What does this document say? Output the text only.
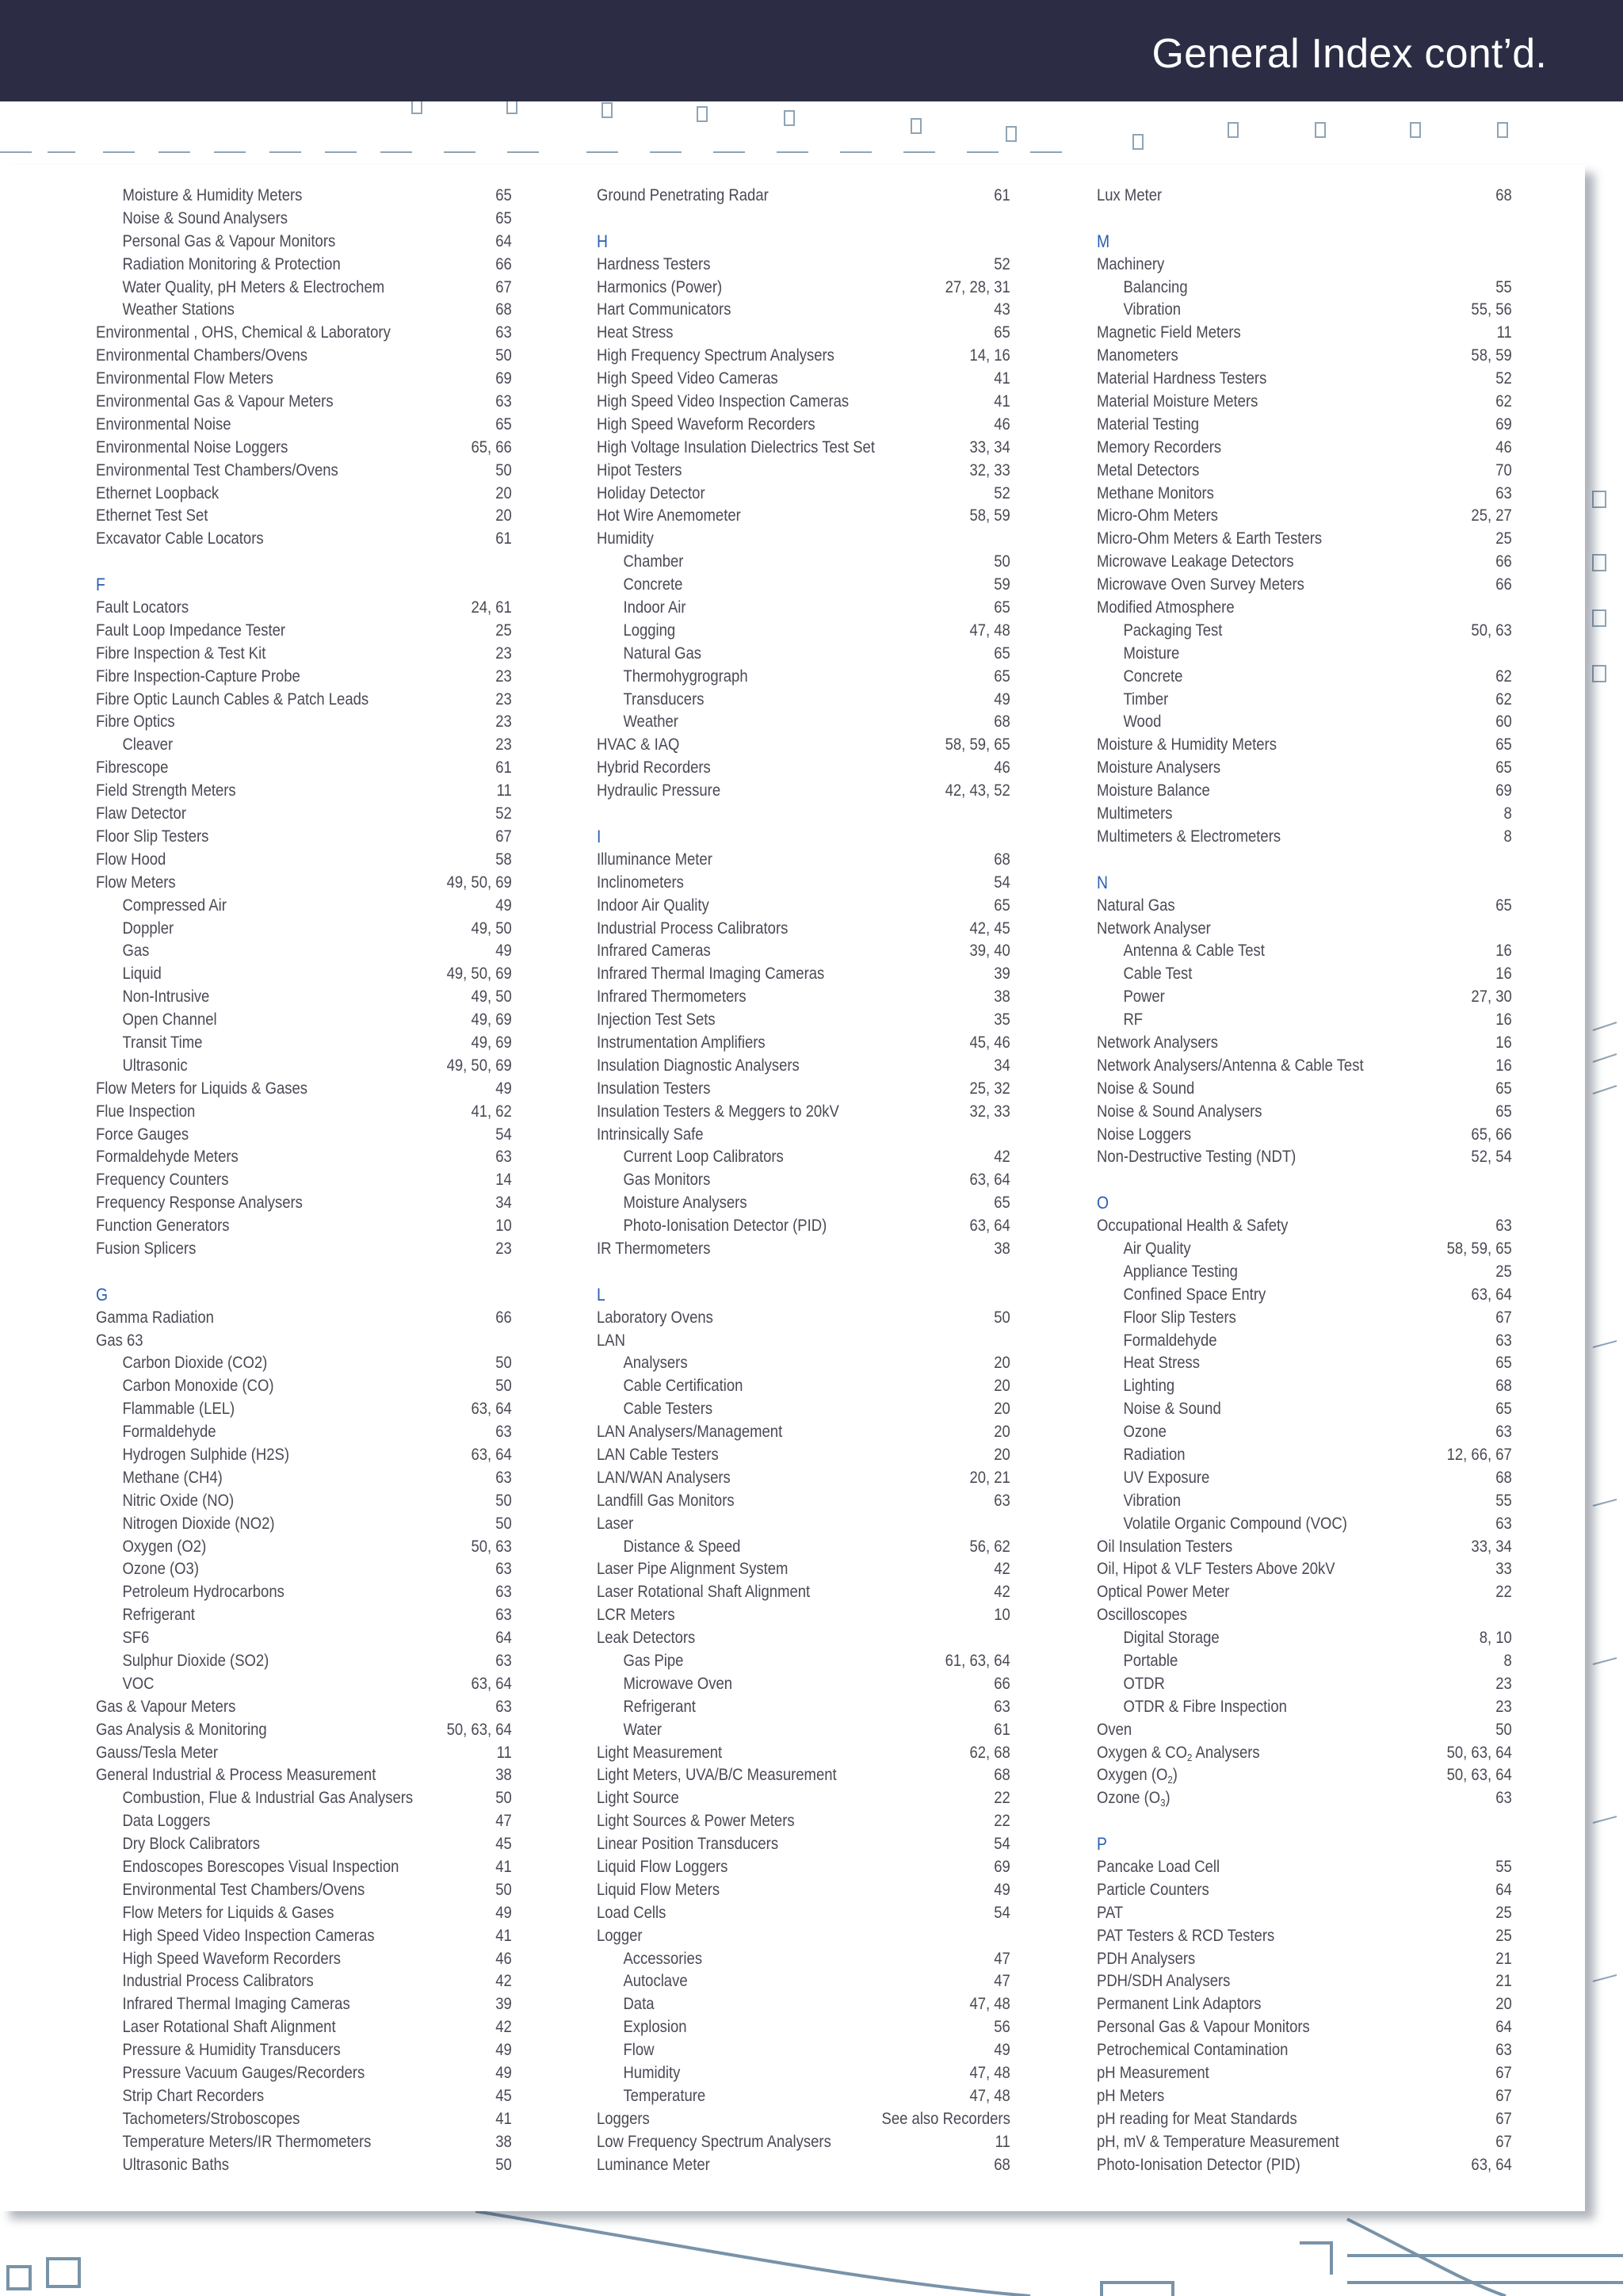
General Index cont’d.
Moisture & Humidity Meters	65
Noise & Sound Analysers	65
Personal Gas & Vapour Monitors	64
Radiation Monitoring & Protection	66
Water Quality, pH Meters & Electrochem	67
Weather Stations	68
Environmental , OHS, Chemical & Laboratory	63
Environmental Chambers/Ovens	50
Environmental Flow Meters	69
Environmental Gas & Vapour Meters	63
Environmental Noise	65
Environmental Noise Loggers	65, 66
Environmental Test Chambers/Ovens	50
Ethernet Loopback	20
Ethernet Test Set	20
Excavator Cable Locators	61
F
Fault Locators	24, 61
Fault Loop Impedance Tester	25
Fibre Inspection & Test Kit	23
Fibre Inspection-Capture Probe	23
Fibre Optic Launch Cables & Patch Leads	23
Fibre Optics	23
Cleaver	23
Fibrescope	61
Field Strength Meters	11
Flaw Detector	52
Floor Slip Testers	67
Flow Hood	58
Flow Meters	49, 50, 69
Compressed Air	49
Doppler	49, 50
Gas	49
Liquid	49, 50, 69
Non-Intrusive	49, 50
Open Channel	49, 69
Transit Time	49, 69
Ultrasonic	49, 50, 69
Flow Meters for Liquids & Gases	49
Flue Inspection	41, 62
Force Gauges	54
Formaldehyde Meters	63
Frequency Counters	14
Frequency Response Analysers	34
Function Generators	10
Fusion Splicers	23
G
Gamma Radiation	66
Gas 63
Carbon Dioxide (CO2)	50
Carbon Monoxide (CO)	50
Flammable (LEL)	63, 64
Formaldehyde	63
Hydrogen Sulphide (H2S)	63, 64
Methane (CH4)	63
Nitric Oxide (NO)	50
Nitrogen Dioxide (NO2)	50
Oxygen (O2)	50, 63
Ozone (O3)	63
Petroleum Hydrocarbons	63
Refrigerant	63
SF6	64
Sulphur Dioxide (SO2)	63
VOC	63, 64
Gas & Vapour Meters	63
Gas Analysis & Monitoring	50, 63, 64
Gauss/Tesla Meter	11
General Industrial & Process Measurement	38
Combustion, Flue & Industrial Gas Analysers	50
Data Loggers	47
Dry Block Calibrators	45
Endoscopes Borescopes Visual Inspection	41
Environmental Test Chambers/Ovens	50
Flow Meters for Liquids & Gases	49
High Speed Video Inspection Cameras	41
High Speed Waveform Recorders	46
Industrial Process Calibrators	42
Infrared Thermal Imaging Cameras	39
Laser Rotational Shaft Alignment	42
Pressure & Humidity Transducers	49
Pressure Vacuum Gauges/Recorders	49
Strip Chart Recorders	45
Tachometers/Stroboscopes	41
Temperature Meters/IR Thermometers	38
Ultrasonic Baths	50
Ground Penetrating Radar	61
H
Hardness Testers	52
Harmonics (Power)	27, 28, 31
Hart Communicators	43
Heat Stress	65
High Frequency Spectrum Analysers	14, 16
High Speed Video Cameras	41
High Speed Video Inspection Cameras	41
High Speed Waveform Recorders	46
High Voltage Insulation Dielectrics Test Set	33, 34
Hipot Testers	32, 33
Holiday Detector	52
Hot Wire Anemometer	58, 59
Humidity
Chamber	50
Concrete	59
Indoor Air	65
Logging	47, 48
Natural Gas	65
Thermohygrograph	65
Transducers	49
Weather	68
HVAC & IAQ	58, 59, 65
Hybrid Recorders	46
Hydraulic Pressure	42, 43, 52
I
Illuminance Meter	68
Inclinometers	54
Indoor Air Quality	65
Industrial Process Calibrators	42, 45
Infrared Cameras	39, 40
Infrared Thermal Imaging Cameras	39
Infrared Thermometers	38
Injection Test Sets	35
Instrumentation Amplifiers	45, 46
Insulation Diagnostic Analysers	34
Insulation Testers	25, 32
Insulation Testers & Meggers to 20kV	32, 33
Intrinsically Safe
Current Loop Calibrators	42
Gas Monitors	63, 64
Moisture Analysers	65
Photo-Ionisation Detector (PID)	63, 64
IR Thermometers	38
L
Laboratory Ovens	50
LAN
Analysers	20
Cable Certification	20
Cable Testers	20
LAN Analysers/Management	20
LAN Cable Testers	20
LAN/WAN Analysers	20, 21
Landfill Gas Monitors	63
Laser
Distance & Speed	56, 62
Laser Pipe Alignment System	42
Laser Rotational Shaft Alignment	42
LCR Meters	10
Leak Detectors
Gas Pipe	61, 63, 64
Microwave Oven	66
Refrigerant	63
Water	61
Light Measurement	62, 68
Light Meters, UVA/B/C Measurement	68
Light Source	22
Light Sources & Power Meters	22
Linear Position Transducers	54
Liquid Flow Loggers	69
Liquid Flow Meters	49
Load Cells	54
Logger
Accessories	47
Autoclave	47
Data	47, 48
Explosion	56
Flow	49
Humidity	47, 48
Temperature	47, 48
Loggers	See also Recorders
Low Frequency Spectrum Analysers	11
Luminance Meter	68
Lux Meter	68
M
Machinery
Balancing	55
Vibration	55, 56
Magnetic Field Meters	11
Manometers	58, 59
Material Hardness Testers	52
Material Moisture Meters	62
Material Testing	69
Memory Recorders	46
Metal Detectors	70
Methane Monitors	63
Micro-Ohm Meters	25, 27
Micro-Ohm Meters & Earth Testers	25
Microwave Leakage Detectors	66
Microwave Oven Survey Meters	66
Modified Atmosphere
Packaging Test	50, 63
Moisture
Concrete	62
Timber	62
Wood	60
Moisture & Humidity Meters	65
Moisture Analysers	65
Moisture Balance	69
Multimeters	8
Multimeters & Electrometers	8
N
Natural Gas	65
Network Analyser
Antenna & Cable Test	16
Cable Test	16
Power	27, 30
RF	16
Network Analysers	16
Network Analysers/Antenna & Cable Test	16
Noise & Sound	65
Noise & Sound Analysers	65
Noise Loggers	65, 66
Non-Destructive Testing (NDT)	52, 54
O
Occupational Health & Safety	63
Air Quality	58, 59, 65
Appliance Testing	25
Confined Space Entry	63, 64
Floor Slip Testers	67
Formaldehyde	63
Heat Stress	65
Lighting	68
Noise & Sound	65
Ozone	63
Radiation	12, 66, 67
UV Exposure	68
Vibration	55
Volatile Organic Compound (VOC)	63
Oil Insulation Testers	33, 34
Oil, Hipot & VLF Testers Above 20kV	33
Optical Power Meter	22
Oscilloscopes
Digital Storage	8, 10
Portable	8
OTDR	23
OTDR & Fibre Inspection	23
Oven	50
Oxygen & $CO_2$ Analysers	50, 63, 64
Oxygen $(O_2)$	50, 63, 64
Ozone $(O_3)$	63
P
Pancake Load Cell	55
Particle Counters	64
PAT	25
PAT Testers & RCD Testers	25
PDH Analysers	21
PDH/SDH Analysers	21
Permanent Link Adaptors	20
Personal Gas & Vapour Monitors	64
Petrochemical Contamination	63
pH Measurement	67
pH Meters	67
pH reading for Meat Standards	67
pH, mV & Temperature Measurement	67
Photo-Ionisation Detector (PID)	63, 64
